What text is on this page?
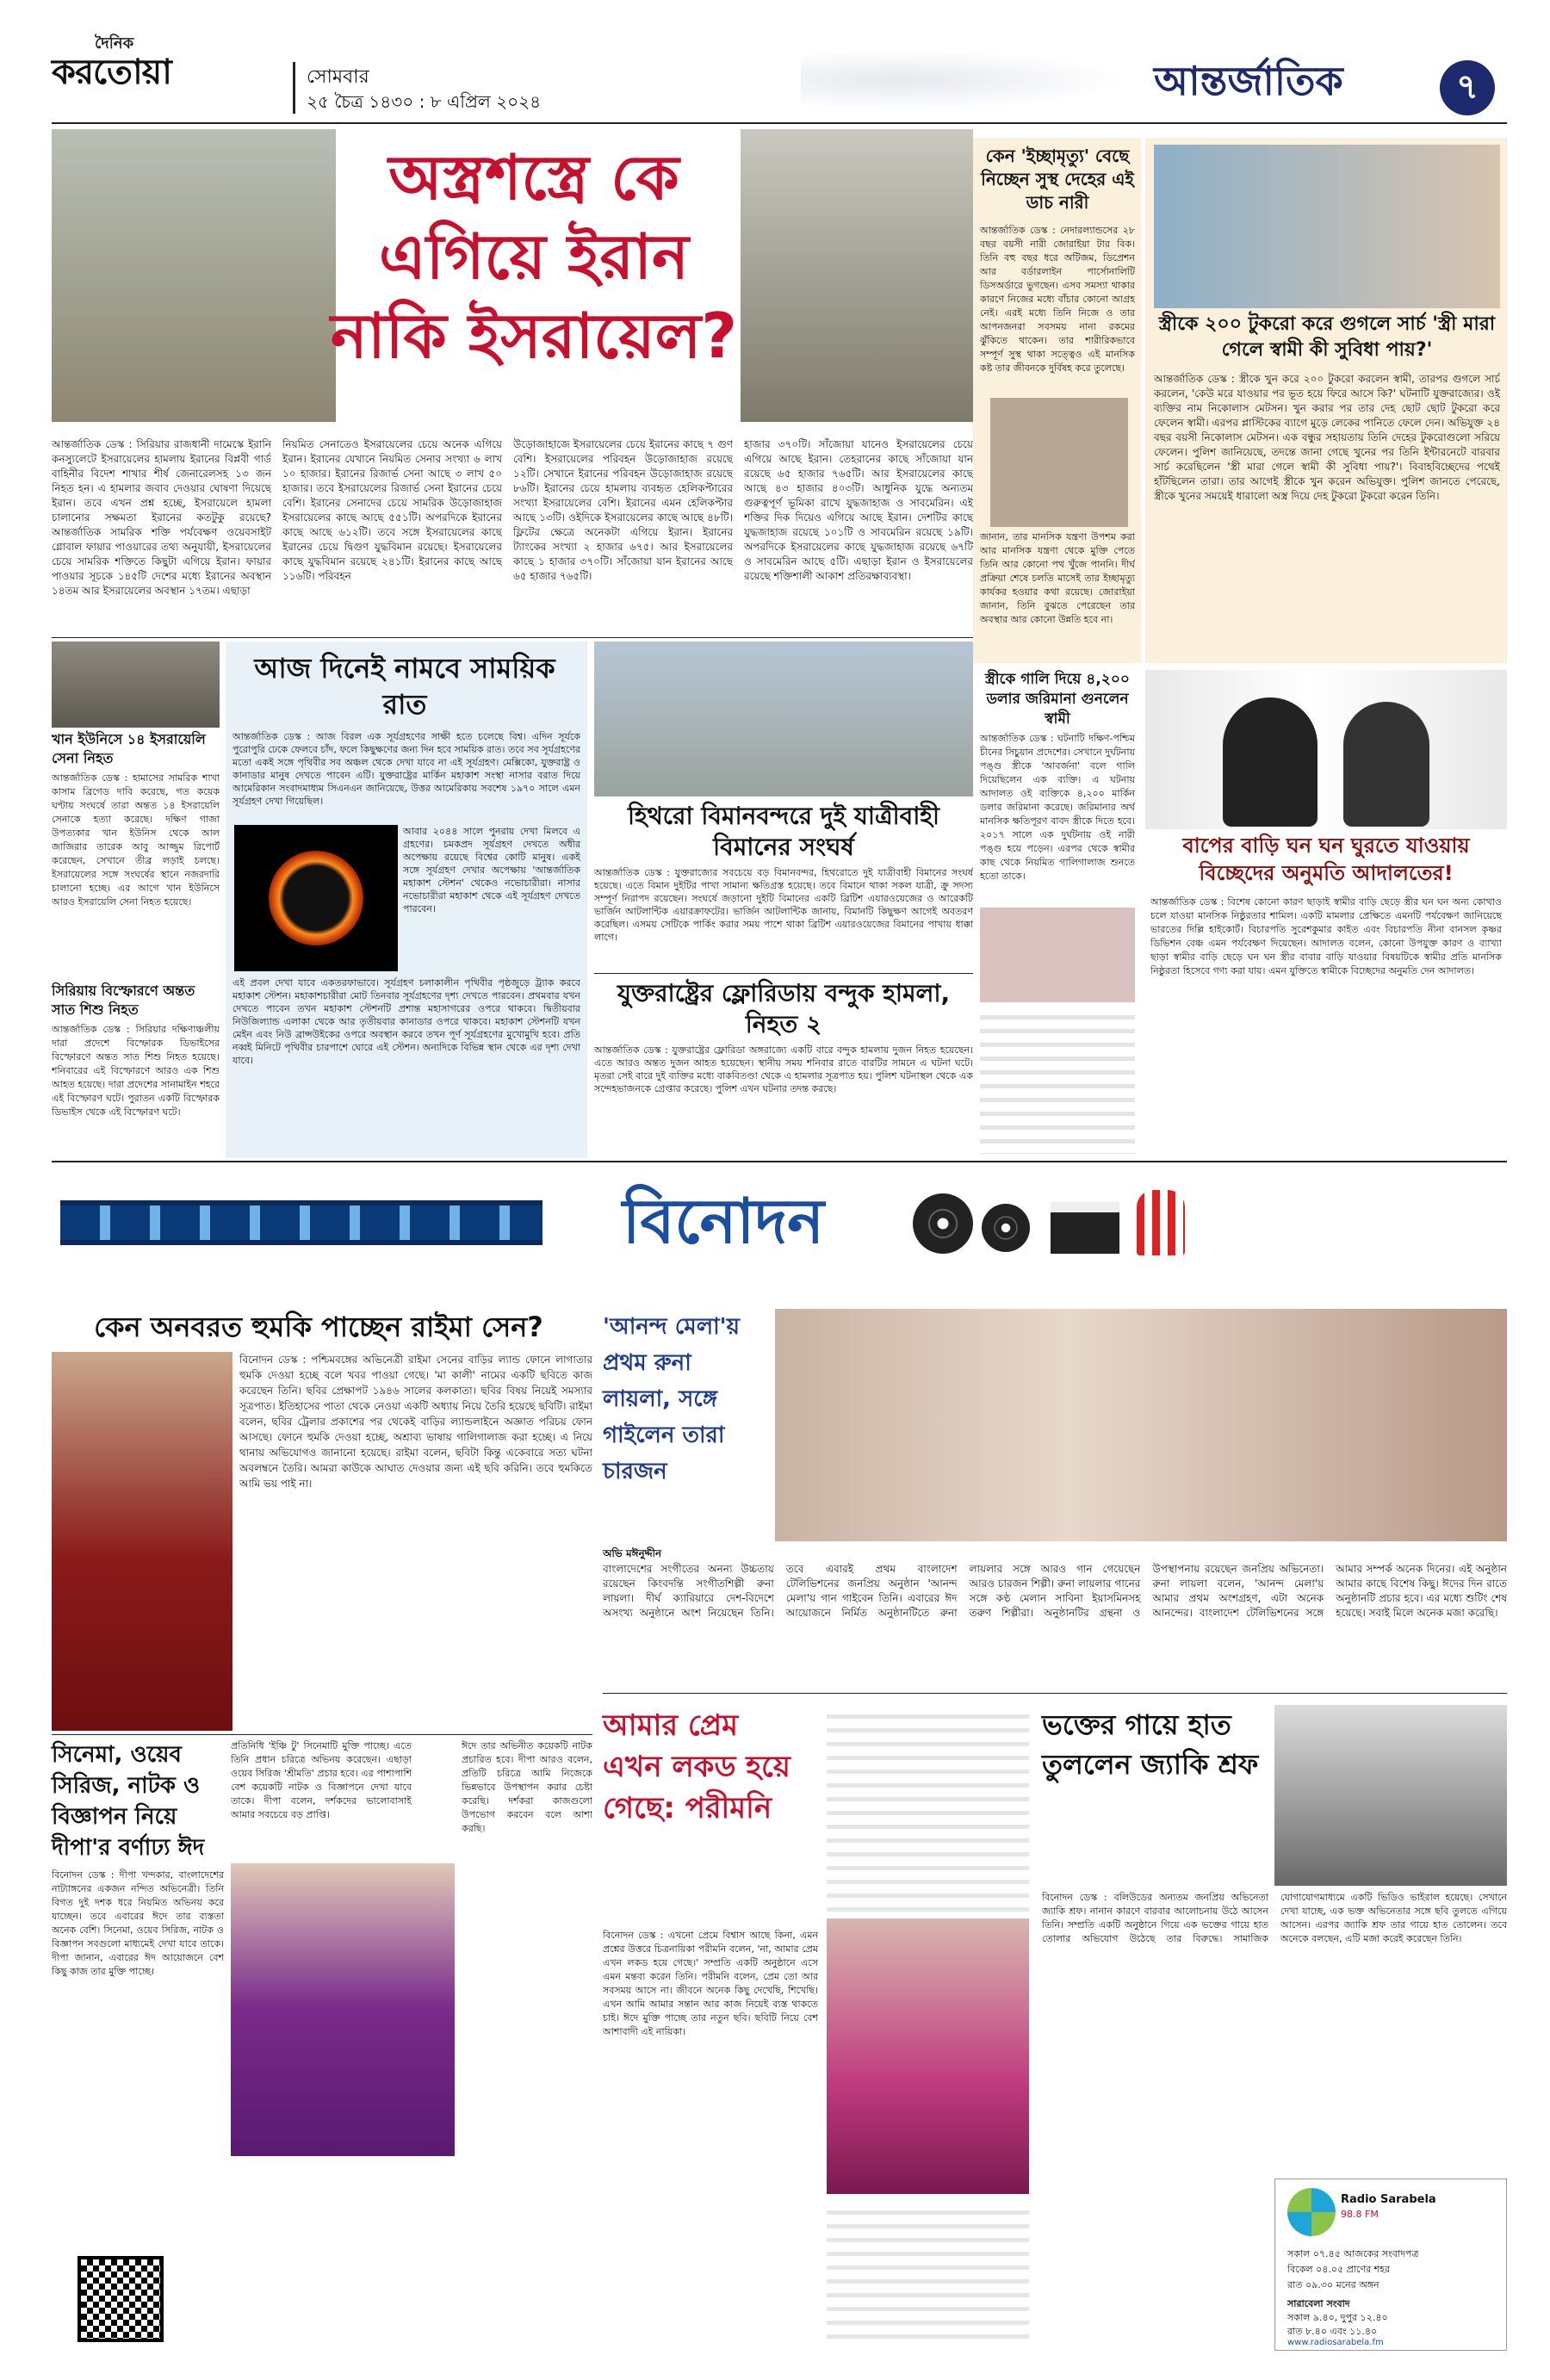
দৈনিক
করতোয়া	সোমবার
২৫ চৈত্র ১৪৩০ : ৮ এপ্রিল ২০২৪	আন্তর্জাতিক	৭
অস্ত্রশস্ত্রে কে এগিয়ে ইরান নাকি ইসরায়েল?
আন্তর্জাতিক ডেস্ক : সিরিয়ার রাজধানী দামেস্কে ইরানি কনস্যুলেটে ইসরায়েলের হামলায় ইরানের বিপ্লবী গার্ড বাহিনীর বিদেশ শাখার শীর্ষ জেনারেলসহ ১৩ জন নিহত হন। এ হামলার জবাব দেওয়ার ঘোষণা দিয়েছে ইরান। তবে এখন প্রশ্ন হচ্ছে, ইসরায়েলে হামলা চালানোর সক্ষমতা ইরানের কতটুকু রয়েছে? আন্তর্জাতিক সামরিক শক্তি পর্যবেক্ষণ ওয়েবসাইট গ্লোবাল ফায়ার পাওয়ারের তথ্য অনুযায়ী, ইসরায়েলের চেয়ে সামরিক শক্তিতে কিছুটা এগিয়ে ইরান। ফায়ার পাওয়ার সূচকে ১৪৫টি দেশের মধ্যে ইরানের অবস্থান ১৪তম আর ইসরায়েলের অবস্থান ১৭তম। এছাড়া
নিয়মিত সেনাতেও ইসরায়েলের চেয়ে অনেক এগিয়ে ইরান। ইরানের যেখানে নিয়মিত সেনার সংখ্যা ৬ লাখ ১০ হাজার। ইরানের রিজার্ভ সেনা আছে ৩ লাখ ৫০ হাজার। তবে ইসরায়েলের রিজার্ভ সেনা ইরানের চেয়ে বেশি। ইরানের সেনাদের চেয়ে সামরিক উড়োজাহাজ ইসরায়েলের কাছে আছে ৫৫১টি। অপরদিকে ইরানের কাছে আছে ৬১২টি। তবে সঙ্গে ইসরায়েলের কাছে ইরানের চেয়ে দ্বিগুণ যুদ্ধবিমান রয়েছে। ইসরায়েলের কাছে যুদ্ধবিমান রয়েছে ২৪১টি। ইরানের কাছে আছে ১১৬টি। পরিবহন
উড়োজাহাজে ইসরায়েলের চেয়ে ইরানের কাছে ৭ গুণ বেশি। ইসরায়েলের পরিবহন উড়োজাহাজ রয়েছে ১২টি। সেখানে ইরানের পরিবহন উড়োজাহাজ রয়েছে ৮৬টি। ইরানের চেয়ে হামলায় ব্যবহৃত হেলিকপ্টারের সংখ্যা ইসরায়েলের বেশি। ইরানের এমন হেলিকপ্টার আছে ১৩টি। ওইদিকে ইসরায়েলের কাছে আছে ৪৮টি। ফ্লিটের ক্ষেত্রে অনেকটা এগিয়ে ইরান। ইরানের ট্যাংকের সংখ্যা ২ হাজার ৬৭৫। আর ইসরায়েলের কাছে ১ হাজার ৩৭০টি। সাঁজোয়া যান ইরানের আছে ৬৫ হাজার ৭৬৫টি।
হাজার ৩৭০টি। সাঁজোয়া যানেও ইসরায়েলের চেয়ে এগিয়ে আছে ইরান। তেহরানের কাছে সাঁজোয়া যান রয়েছে ৬৫ হাজার ৭৬৫টি। আর ইসরায়েলের কাছে আছে ৪৩ হাজার ৪০৩টি। আধুনিক যুদ্ধে অন্যতম গুরুত্বপূর্ণ ভূমিকা রাখে যুদ্ধজাহাজ ও সাবমেরিন। এই শক্তির দিক দিয়েও এগিয়ে আছে ইরান। দেশটির কাছে যুদ্ধজাহাজ রয়েছে ১০১টি ও সাবমেরিন রয়েছে ১৯টি। অপরদিকে ইসরায়েলের কাছে যুদ্ধজাহাজ রয়েছে ৬৭টি ও সাবমেরিন আছে ৫টি। এছাড়া ইরান ও ইসরায়েলের রয়েছে শক্তিশালী আকাশ প্রতিরক্ষাব্যবস্থা।
কেন 'ইচ্ছামৃত্যু' বেছে নিচ্ছেন সুস্থ দেহের এই ডাচ নারী
আন্তর্জাতিক ডেস্ক : নেদারল্যান্ডসের ২৮ বছর বয়সী নারী জোরাইয়া টার বিক। তিনি বহু বছর ধরে অটিজম, ডিপ্রেশন আর বর্ডারলাইন পার্সোনালিটি ডিসঅর্ডারে ভুগছেন। এসব সমস্যা থাকার কারণে নিজের মধ্যে বাঁচার কোনো আগ্রহ নেই। এরই মধ্যে তিনি নিজে ও তার আপনজনরা সবসময় নানা রকমের ঝুঁকিতে থাকেন। তার শারীরিকভাবে সম্পূর্ণ সুস্থ থাকা সত্ত্বেও এই মানসিক কষ্ট তার জীবনকে দুর্বিষহ করে তুলেছে।
জানান, তার মানসিক যন্ত্রণা উপশম করা আর মানসিক যন্ত্রণা থেকে মুক্তি পেতে তিনি আর কোনো পথ খুঁজে পাননি। দীর্ঘ প্রক্রিয়া শেষে চলতি মাসেই তার ইচ্ছামৃত্যু কার্যকর হওয়ার কথা রয়েছে। জোরাইয়া জানান, তিনি বুঝতে পেরেছেন তার অবস্থার আর কোনো উন্নতি হবে না।
স্ত্রীকে ২০০ টুকরো করে গুগলে সার্চ 'স্ত্রী মারা গেলে স্বামী কী সুবিধা পায়?'
আন্তর্জাতিক ডেস্ক : স্ত্রীকে খুন করে ২০০ টুকরো করলেন স্বামী, তারপর গুগলে সার্চ করলেন, 'কেউ মরে যাওয়ার পর ভূত হয়ে ফিরে আসে কি?' ঘটনাটি যুক্তরাজ্যের। ওই ব্যক্তির নাম নিকোলাস মেটসন। খুন করার পর তার দেহ ছোট ছোট টুকরো করে ফেলেন স্বামী। এরপর প্লাস্টিকের ব্যাগে মুড়ে লেকের পানিতে ফেলে দেন। অভিযুক্ত ২৪ বছর বয়সী নিকোলাস মেটসন। এক বন্ধুর সহায়তায় তিনি দেহের টুকরোগুলো সরিয়ে ফেলেন। পুলিশ জানিয়েছে, তদন্তে জানা গেছে খুনের পর তিনি ইন্টারনেটে বারবার সার্চ করেছিলেন 'স্ত্রী মারা গেলে স্বামী কী সুবিধা পায়?'। বিবাহবিচ্ছেদের পথেই হাঁটছিলেন তারা। তার আগেই স্ত্রীকে খুন করেন অভিযুক্ত। পুলিশ জানতে পেরেছে, স্ত্রীকে খুনের সময়েই ধারালো অস্ত্র দিয়ে দেহ টুকরো টুকরো করেন তিনি।
খান ইউনিসে ১৪ ইসরায়েলি সেনা নিহত
আন্তর্জাতিক ডেস্ক : হামাসের সামরিক শাখা কাসাম ব্রিগেড দাবি করেছে, গত কয়েক ঘণ্টায় সংঘর্ষে তারা অন্তত ১৪ ইসরায়েলি সেনাকে হত্যা করেছে। দক্ষিণ গাজা উপত্যকার খান ইউনিস থেকে আল জাজিরার তারেক আবু আজ্জুম রিপোর্ট করেছেন, সেখানে তীব্র লড়াই চলছে। ইসরায়েলের সঙ্গে সংঘর্ষের স্থানে নজরদারি চালানো হচ্ছে। এর আগে খান ইউনিসে আরও ইসরায়েলি সেনা নিহত হয়েছে।
সিরিয়ায় বিস্ফোরণে অন্তত সাত শিশু নিহত
আন্তর্জাতিক ডেস্ক : সিরিয়ার দক্ষিণাঞ্চলীয় দারা প্রদেশে বিস্ফোরক ডিভাইসের বিস্ফোরণে অন্তত সাত শিশু নিহত হয়েছে। শনিবারের এই বিস্ফোরণে আরও এক শিশু আহত হয়েছে। দারা প্রদেশের সানামাইন শহরে এই বিস্ফোরণ ঘটে। পুরাতন একটি বিস্ফোরক ডিভাইস থেকে এই বিস্ফোরণ ঘটে।
আজ দিনেই নামবে সাময়িক রাত
আন্তর্জাতিক ডেস্ক : আজ বিরল এক সূর্যগ্রহণের সাক্ষী হতে চলেছে বিশ্ব। এদিন সূর্যকে পুরোপুরি ঢেকে ফেলবে চাঁদ, ফলে কিছুক্ষণের জন্য দিন হবে সাময়িক রাত। তবে সব সূর্যগ্রহণের মতো একই সঙ্গে পৃথিবীর সব অঞ্চল থেকে দেখা যাবে না এই সূর্যগ্রহণ। মেক্সিকো, যুক্তরাষ্ট্র ও কানাডার মানুষ দেখতে পাবেন এটি। যুক্তরাষ্ট্রের মার্কিন মহাকাশ সংস্থা নাসার বরাত দিয়ে আমেরিকান সংবাদমাধ্যম সিএনএন জানিয়েছে, উত্তর আমেরিকায় সবশেষ ১৯৭০ সালে এমন সূর্যগ্রহণ দেখা গিয়েছিল।
আবার ২০৪৪ সালে পুনরায় দেখা মিলবে এ গ্রহণের। চমকপ্রদ সূর্যগ্রহণ দেখতে অধীর অপেক্ষায় রয়েছে বিশ্বের কোটি মানুষ। একই সঙ্গে সূর্যগ্রহণ দেখার অপেক্ষায় 'আন্তর্জাতিক মহাকাশ স্টেশন' থেকেও নভোচারীরা। নাসার নভোচারীরা মহাকাশ থেকে এই সূর্যগ্রহণ দেখতে পারবেন।
এই প্রবল দেখা যাবে একতরফাভাবে। সূর্যগ্রহণ চলাকালীন পৃথিবীর পৃষ্ঠজুড়ে ট্র্যাক করবে মহাকাশ স্টেশন। মহাকাশচারীরা মোট তিনবার সূর্যগ্রহণের দৃশ্য দেখতে পারবেন। প্রথমবার যখন দেখতে পাবেন তখন মহাকাশ স্টেশনটি প্রশান্ত মহাসাগরের ওপরে থাকবে। দ্বিতীয়বার নিউজিল্যান্ড এলাকা থেকে আর তৃতীয়বার কানাডার ওপরে থাকবে। মহাকাশ স্টেশনটি যখন মেইন এবং নিউ ব্রান্সউইকের ওপরে অবস্থান করবে তখন পূর্ণ সূর্যগ্রহণের মুখোমুখি হবে। প্রতি নব্বই মিনিটে পৃথিবীর চারপাশে ঘোরে এই স্টেশন। অন্যদিকে বিভিন্ন স্থান থেকে এর দৃশ্য দেখা যাবে।
হিথরো বিমানবন্দরে দুই যাত্রীবাহী বিমানের সংঘর্ষ
আন্তর্জাতিক ডেস্ক : যুক্তরাজ্যের সবচেয়ে বড় বিমানবন্দর, হিথরোতে দুই যাত্রীবাহী বিমানের সংঘর্ষ হয়েছে। এতে বিমান দুইটির পাখা সামান্য ক্ষতিগ্রস্ত হয়েছে। তবে বিমানে থাকা সকল যাত্রী, ক্রু সদস্য সম্পূর্ণ নিরাপদ রয়েছেন। সংঘর্ষে জড়ানো দুইটি বিমানের একটি ব্রিটিশ এয়ারওয়েজের ও আরেকটি ভার্জিন আটলান্টিক এয়ারক্রাফটের। ভার্জিন আটলান্টিক জানায়, বিমানটি কিছুক্ষণ আগেই অবতরণ করেছিল। এসময় সেটিকে পার্কিং করার সময় পাশে থাকা ব্রিটিশ এয়ারওয়েজের বিমানের পাখায় ধাক্কা লাগে।
যুক্তরাষ্ট্রের ফ্লোরিডায় বন্দুক হামলা, নিহত ২
আন্তর্জাতিক ডেস্ক : যুক্তরাষ্ট্রের ফ্লোরিডা অঙ্গরাজ্যে একটি বারে বন্দুক হামলায় দুজন নিহত হয়েছেন। এতে আরও অন্তত দুজন আহত হয়েছেন। স্থানীয় সময় শনিবার রাতে বারটির সামনে এ ঘটনা ঘটে। মৃতরা সেই বারে দুই ব্যক্তির মধ্যে বাকবিতণ্ডা থেকে এ হামলার সূত্রপাত হয়। পুলিশ ঘটনাস্থল থেকে এক সন্দেহভাজনকে গ্রেপ্তার করেছে। পুলিশ এখন ঘটনার তদন্ত করছে।
স্ত্রীকে গালি দিয়ে ৪,২০০ ডলার জরিমানা গুনলেন স্বামী
আন্তর্জাতিক ডেস্ক : ঘটনাটি দক্ষিণ-পশ্চিম চীনের সিচুয়ান প্রদেশের। সেখানে দুর্ঘটনায় পঙ্গু স্ত্রীকে 'আবর্জনা' বলে গালি দিয়েছিলেন এক ব্যক্তি। এ ঘটনায় আদালত ওই ব্যক্তিকে ৪,২০০ মার্কিন ডলার জরিমানা করেছে। জরিমানার অর্থ মানসিক ক্ষতিপূরণ বাবদ স্ত্রীকে দিতে হবে। ২০১৭ সালে এক দুর্ঘটনায় ওই নারী পঙ্গু হয়ে পড়েন। এরপর থেকে স্বামীর কাছ থেকে নিয়মিত গালিগালাজ শুনতে হতো তাকে।
বাপের বাড়ি ঘন ঘন ঘুরতে যাওয়ায় বিচ্ছেদের অনুমতি আদালতের!
আন্তর্জাতিক ডেস্ক : বিশেষ কোনো কারণ ছাড়াই স্বামীর বাড়ি ছেড়ে স্ত্রীর ঘন ঘন অন্য কোথাও চলে যাওয়া মানসিক নিষ্ঠুরতার শামিল। একটি মামলার প্রেক্ষিতে এমনটি পর্যবেক্ষণ জানিয়েছে ভারতের দিল্লি হাইকোর্ট। বিচারপতি সুরেশকুমার কাইত এবং বিচারপতি নীনা বানসল কৃষ্ণর ডিভিশন বেঞ্চ এমন পর্যবেক্ষণ দিয়েছেন। আদালত বলেন, কোনো উপযুক্ত কারণ ও ব্যাখ্যা ছাড়া স্বামীর বাড়ি ছেড়ে ঘন ঘন স্ত্রীর বাবার বাড়ি যাওয়ার বিষয়টিকে স্বামীর প্রতি মানসিক নিষ্ঠুরতা হিসেবে গণ্য করা যায়। এমন যুক্তিতে স্বামীকে বিচ্ছেদের অনুমতি দেন আদালত।
বিনোদন
কেন অনবরত হুমকি পাচ্ছেন রাইমা সেন?
বিনোদন ডেস্ক : পশ্চিমবঙ্গের অভিনেত্রী রাইমা সেনের বাড়ির ল্যান্ড ফোনে লাগাতার হুমকি দেওয়া হচ্ছে বলে খবর পাওয়া গেছে। 'মা কালী' নামের একটি ছবিতে কাজ করেছেন তিনি। ছবির প্রেক্ষাপট ১৯৪৬ সালের কলকাতা। ছবির বিষয় নিয়েই সমস্যার সূত্রপাত। ইতিহাসের পাতা থেকে নেওয়া একটি অধ্যায় নিয়ে তৈরি হয়েছে ছবিটি। রাইমা বলেন, ছবির ট্রেলার প্রকাশের পর থেকেই বাড়ির ল্যান্ডলাইনে অজ্ঞাত পরিচয় ফোন আসছে। ফোনে হুমকি দেওয়া হচ্ছে, অশ্রাব্য ভাষায় গালিগালাজ করা হচ্ছে। এ নিয়ে থানায় অভিযোগও জানানো হয়েছে। রাইমা বলেন, ছবিটা কিন্তু একেবারে সত্য ঘটনা অবলম্বনে তৈরি। আমরা কাউকে আঘাত দেওয়ার জন্য এই ছবি করিনি। তবে হুমকিতে আমি ভয় পাই না।
সিনেমা, ওয়েব সিরিজ, নাটক ও বিজ্ঞাপন নিয়ে দীপা'র বর্ণাঢ্য ঈদ
বিনোদন ডেস্ক : দীপা খন্দকার, বাংলাদেশের নাট্যাঙ্গনের একজন নন্দিত অভিনেত্রী। তিনি বিগত দুই দশক ধরে নিয়মিত অভিনয় করে যাচ্ছেন। তবে এবারের ঈদে তার ব্যস্ততা অনেক বেশি। সিনেমা, ওয়েব সিরিজ, নাটক ও বিজ্ঞাপন সবগুলো মাধ্যমেই দেখা যাবে তাকে। দীপা জানান, এবারের ঈদ আয়োজনে বেশ কিছু কাজ তার মুক্তি পাচ্ছে।
প্রতিনিধি 'ইঞ্চি টু' সিনেমাটি মুক্তি পাচ্ছে। এতে তিনি প্রধান চরিত্রে অভিনয় করেছেন। এছাড়া ওয়েব সিরিজ 'শ্রীমতি' প্রচার হবে। এর পাশাপাশি বেশ কয়েকটি নাটক ও বিজ্ঞাপনে দেখা যাবে তাকে। দীপা বলেন, দর্শকদের ভালোবাসাই আমার সবচেয়ে বড় প্রাপ্তি।
ঈদে তার অভিনীত কয়েকটি নাটক প্রচারিত হবে। দীপা আরও বলেন, প্রতিটি চরিত্রে আমি নিজেকে ভিন্নভাবে উপস্থাপন করার চেষ্টা করেছি। দর্শকরা কাজগুলো উপভোগ করবেন বলে আশা করছি।
'আনন্দ মেলা'য় প্রথম রুনা লায়লা, সঙ্গে গাইলেন তারা চারজন
অভি মঈনুদ্দীন
বাংলাদেশের সংগীতের অনন্য উচ্চতায় রয়েছেন কিংবদন্তি সংগীতশিল্পী রুনা লায়লা। দীর্ঘ ক্যারিয়ারে দেশ-বিদেশে অসংখ্য অনুষ্ঠানে অংশ নিয়েছেন তিনি। তবে এবারই প্রথম বাংলাদেশ টেলিভিশনের জনপ্রিয় অনুষ্ঠান 'আনন্দ মেলা'য় গান গাইবেন তিনি। এবারের ঈদ আয়োজনে নির্মিত অনুষ্ঠানটিতে রুনা লায়লার সঙ্গে আরও গান গেয়েছেন আরও চারজন শিল্পী। রুনা লায়লার গানের সঙ্গে কণ্ঠ মেলান সাবিনা ইয়াসমিনসহ তরুণ শিল্পীরা। অনুষ্ঠানটির গ্রন্থনা ও উপস্থাপনায় রয়েছেন জনপ্রিয় অভিনেতা। রুনা লায়লা বলেন, 'আনন্দ মেলা'য় আমার প্রথম অংশগ্রহণ, এটা অনেক আনন্দের। বাংলাদেশ টেলিভিশনের সঙ্গে আমার সম্পর্ক অনেক দিনের। এই অনুষ্ঠান আমার কাছে বিশেষ কিছু। ঈদের দিন রাতে অনুষ্ঠানটি প্রচার হবে। এর মধ্যে শুটিং শেষ হয়েছে। সবাই মিলে অনেক মজা করেছি।
আমার প্রেম এখন লকড হয়ে গেছে: পরীমনি
বিনোদন ডেস্ক : এখনো প্রেমে বিশ্বাস আছে কিনা, এমন প্রশ্নের উত্তরে চিত্রনায়িকা পরীমনি বলেন, 'না, আমার প্রেম এখন লকড হয়ে গেছে।' সম্প্রতি একটি অনুষ্ঠানে এসে এমন মন্তব্য করেন তিনি। পরীমনি বলেন, প্রেম তো আর সবসময় আসে না। জীবনে অনেক কিছু দেখেছি, শিখেছি। এখন আমি আমার সন্তান আর কাজ নিয়েই ব্যস্ত থাকতে চাই। ঈদে মুক্তি পাচ্ছে তার নতুন ছবি। ছবিটি নিয়ে বেশ আশাবাদী এই নায়িকা।
ভক্তের গায়ে হাত তুললেন জ্যাকি শ্রফ
বিনোদন ডেস্ক : বলিউডের অন্যতম জনপ্রিয় অভিনেতা জ্যাকি শ্রফ। নানান কারণে বারবার আলোচনায় উঠে আসেন তিনি। সম্প্রতি একটি অনুষ্ঠানে গিয়ে এক ভক্তের গায়ে হাত তোলার অভিযোগ উঠেছে তার বিরুদ্ধে। সামাজিক যোগাযোগমাধ্যমে একটি ভিডিও ভাইরাল হয়েছে। সেখানে দেখা যাচ্ছে, এক ভক্ত অভিনেতার সঙ্গে ছবি তুলতে এগিয়ে আসেন। এরপর জ্যাকি শ্রফ তার গায়ে হাত তোলেন। তবে অনেকে বলছেন, এটি মজা করেই করেছেন তিনি।
Radio Sarabela
98.8 FM
সকাল ০৭.৪৫ আজকের সংবাদপত্র
বিকেল ০৪.০৫ প্রাণের শহর
রাত ০৯.৩০ মনের অঙ্গন
সারাবেলা সংবাদ
সকাল ৯.৪০, দুপুর ১২.৪০
রাত ৮.৪০ এবং ১১.৪০
www.radiosarabela.fm
